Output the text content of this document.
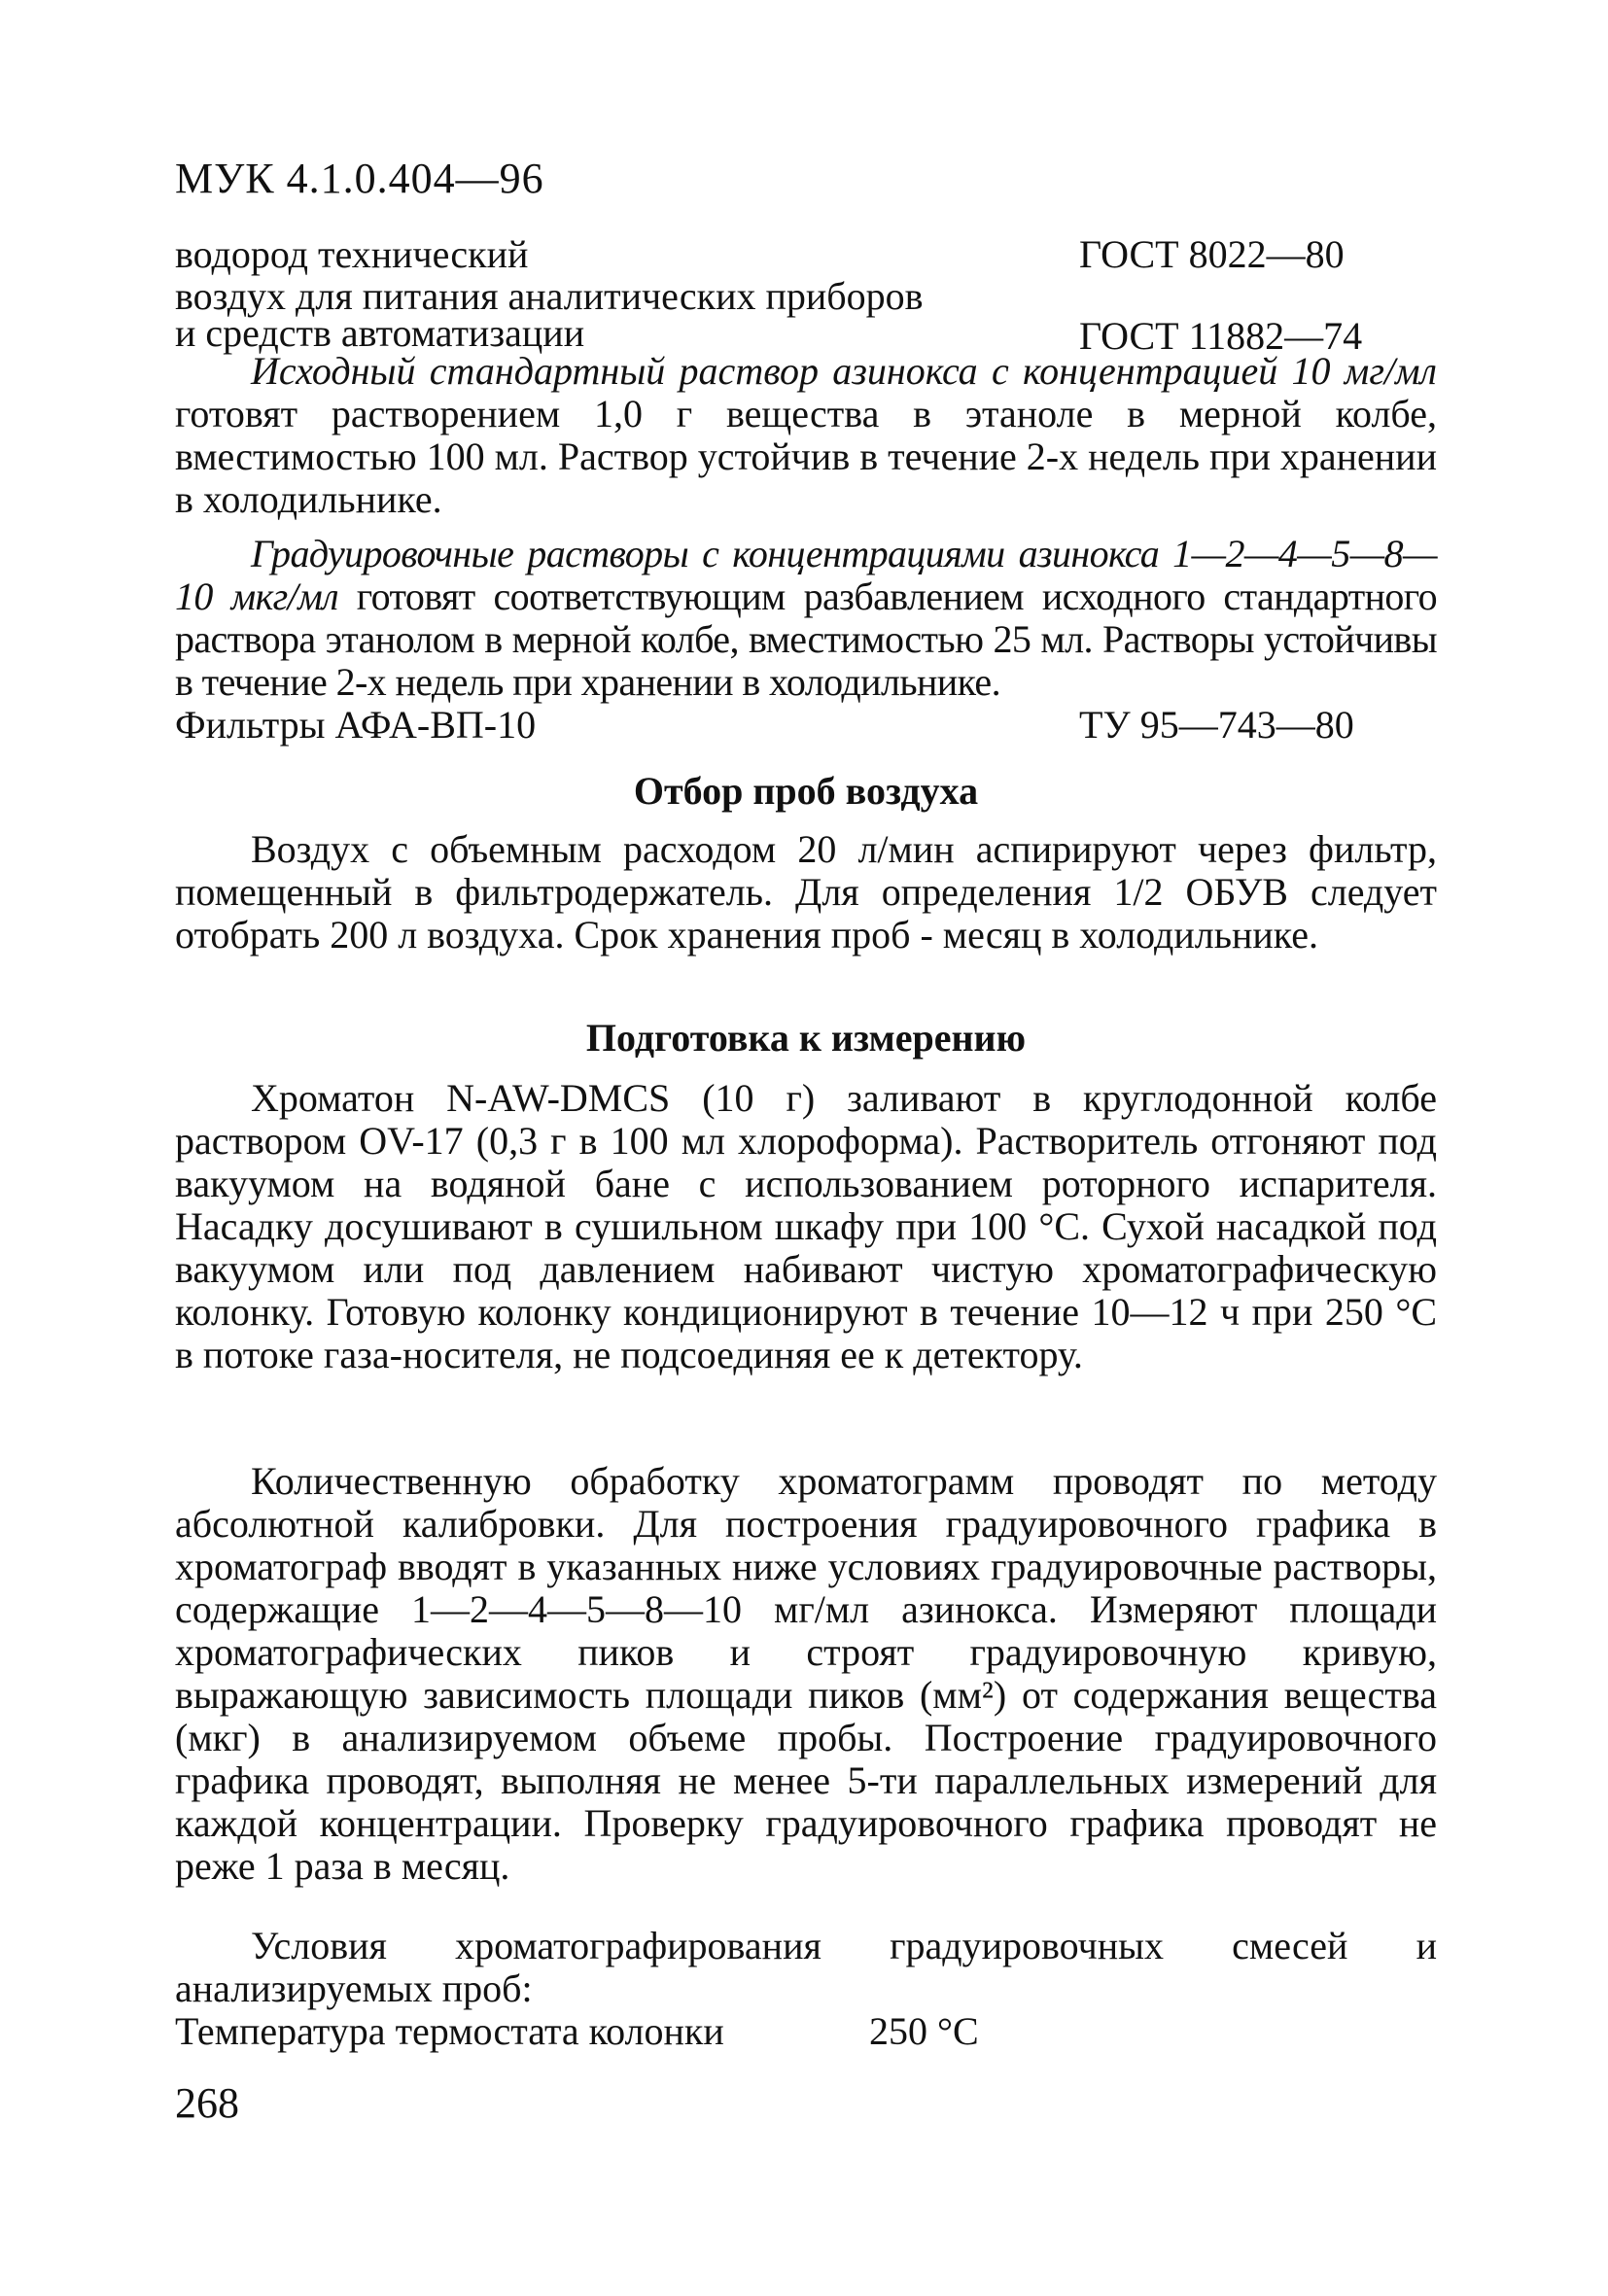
МУК 4.1.0.404—96
водород технический	ГОСТ 8022—80
воздух для питания аналитических приборов
и средств автоматизации	ГОСТ 11882—74

Исходный стандартный раствор азинокса с концентрацией 10 мг/мл готовят растворением 1,0 г вещества в этаноле в мерной колбе, вместимостью 100 мл. Раствор устойчив в течение 2-х недель при хранении в холодильнике.

Градуировочные растворы с концентрациями азинокса 1—2—4—5—8—10 мкг/мл готовят соответствующим разбавлением исходного стандартного раствора этанолом в мерной колбе, вместимостью 25 мл. Растворы устойчивы в течение 2-х недель при хранении в холодильнике.

Фильтры АФА-ВП-10	ТУ 95—743—80
Отбор проб воздуха

Воздух с объемным расходом 20 л/мин аспирируют через фильтр, помещенный в фильтродержатель. Для определения 1/2 ОБУВ следует отобрать 200 л воздуха. Срок хранения проб - месяц в холодильнике.

Подготовка к измерению

Хроматон N-AW-DMCS (10 г) заливают в круглодонной колбе раствором OV-17 (0,3 г в 100 мл хлороформа). Растворитель отгоняют под вакуумом на водяной бане с использованием роторного испарителя. Насадку досушивают в сушильном шкафу при 100 °С. Сухой насадкой под вакуумом или под давлением набивают чистую хроматографическую колонку. Готовую колонку кондиционируют в течение 10—12 ч при 250 °С в потоке газа-носителя, не подсоединяя ее к детектору.

Количественную обработку хроматограмм проводят по методу абсолютной калибровки. Для построения градуировочного графика в хроматограф вводят в указанных ниже условиях градуировочные растворы, содержащие 1—2—4—5—8—10 мг/мл азинокса. Измеряют площади хроматографических пиков и строят градуировочную кривую, выражающую зависимость площади пиков (мм²) от содержания вещества (мкг) в анализируемом объеме пробы. Построение градуировочного графика проводят, выполняя не менее 5-ти параллельных измерений для каждой концентрации. Проверку градуировочного графика проводят не реже 1 раза в месяц.

Условия хроматографирования градуировочных смесей и анализируемых проб:

Температура термостата колонки	250 °С
268
